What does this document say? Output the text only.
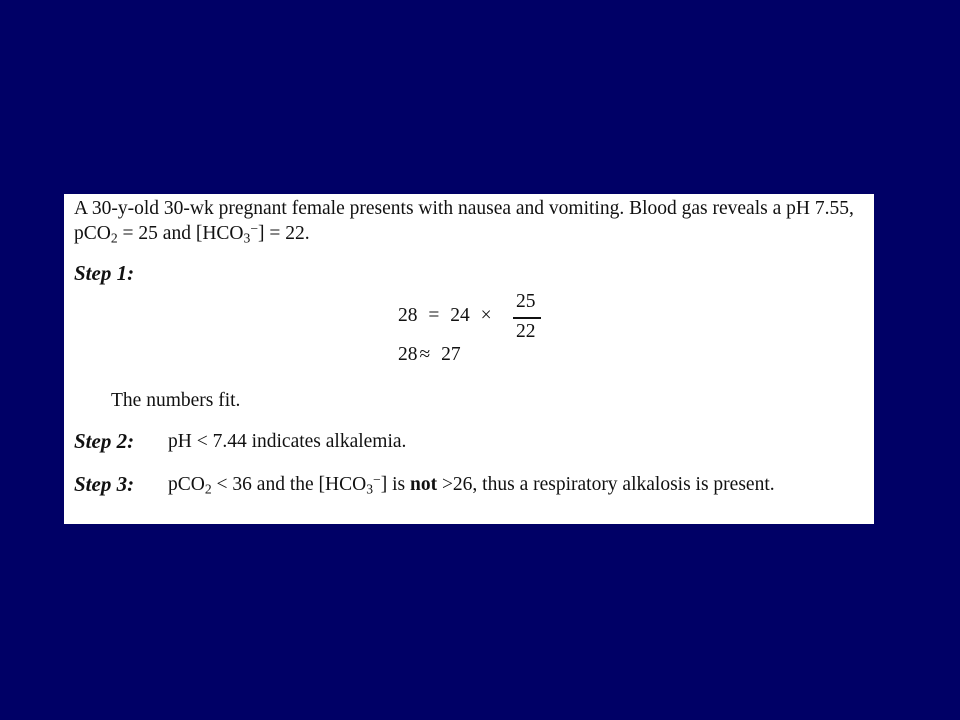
A 30-y-old 30-wk pregnant female presents with nausea and vomiting. Blood gas reveals a pH 7.55, pCO$_2$ = 25 and $[HCO_3^-] = 22$.
Step 1:
28 = 24 ×
25
22
28 ≈ 27
The numbers fit.
Step 2: pH < 7.44 indicates alkalemia.
Step 3: pCO$_2$ < 36 and the $[HCO_3^-]$ is not >26, thus a respiratory alkalosis is present.
